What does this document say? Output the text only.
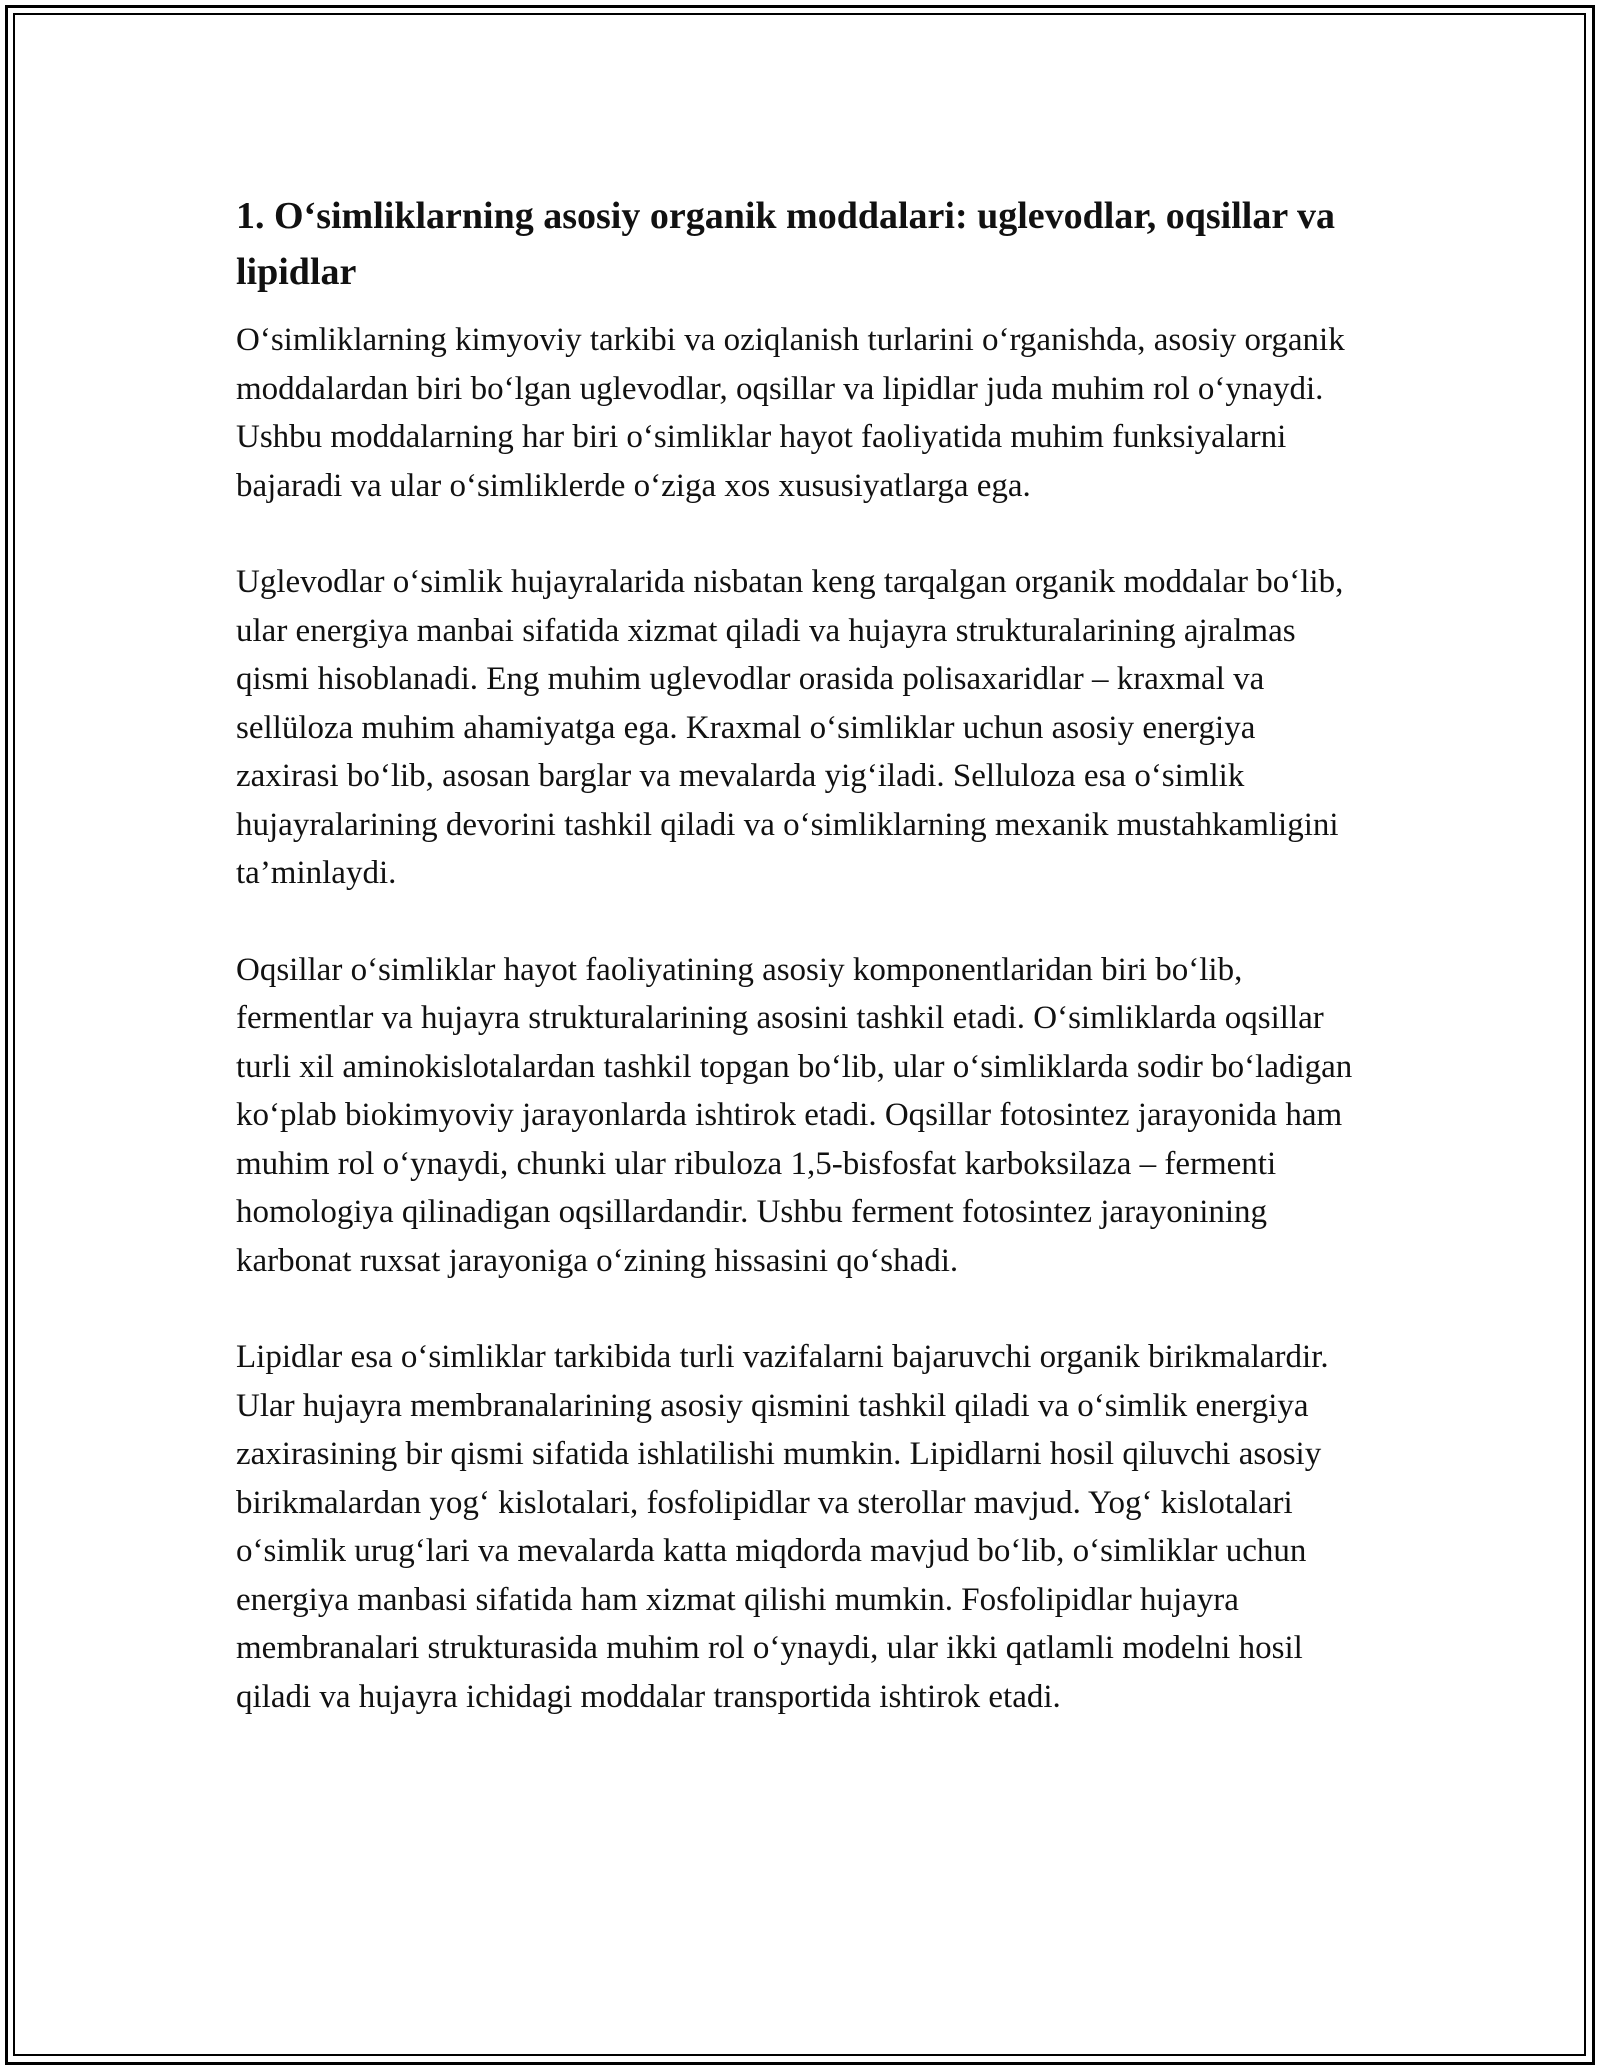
1. O‘simliklarning asosiy organik moddalari: uglevodlar, oqsillar va lipidlar

O‘simliklarning kimyoviy tarkibi va oziqlanish turlarini o‘rganishda, asosiy organik moddalardan biri bo‘lgan uglevodlar, oqsillar va lipidlar juda muhim rol o‘ynaydi. Ushbu moddalarning har biri o‘simliklar hayot faoliyatida muhim funksiyalarni bajaradi va ular o‘simliklerde o‘ziga xos xususiyatlarga ega.

Uglevodlar o‘simlik hujayralarida nisbatan keng tarqalgan organik moddalar bo‘lib, ular energiya manbai sifatida xizmat qiladi va hujayra strukturalarining ajralmas qismi hisoblanadi. Eng muhim uglevodlar orasida polisaxaridlar – kraxmal va sellüloza muhim ahamiyatga ega. Kraxmal o‘simliklar uchun asosiy energiya zaxirasi bo‘lib, asosan barglar va mevalarda yig‘iladi. Selluloza esa o‘simlik hujayralarining devorini tashkil qiladi va o‘simliklarning mexanik mustahkamligini ta’minlaydi.

Oqsillar o‘simliklar hayot faoliyatining asosiy komponentlaridan biri bo‘lib, fermentlar va hujayra strukturalarining asosini tashkil etadi. O‘simliklarda oqsillar turli xil aminokislotalardan tashkil topgan bo‘lib, ular o‘simliklarda sodir bo‘ladigan ko‘plab biokimyoviy jarayonlarda ishtirok etadi. Oqsillar fotosintez jarayonida ham muhim rol o‘ynaydi, chunki ular ribuloza 1,5-bisfosfat karboksilaza – fermenti homologiya qilinadigan oqsillardandir. Ushbu ferment fotosintez jarayonining karbonat ruxsat jarayoniga o‘zining hissasini qo‘shadi.

Lipidlar esa o‘simliklar tarkibida turli vazifalarni bajaruvchi organik birikmalardir. Ular hujayra membranalarining asosiy qismini tashkil qiladi va o‘simlik energiya zaxirasining bir qismi sifatida ishlatilishi mumkin. Lipidlarni hosil qiluvchi asosiy birikmalardan yog‘ kislotalari, fosfolipidlar va sterollar mavjud. Yog‘ kislotalari o‘simlik urug‘lari va mevalarda katta miqdorda mavjud bo‘lib, o‘simliklar uchun energiya manbasi sifatida ham xizmat qilishi mumkin. Fosfolipidlar hujayra membranalari strukturasida muhim rol o‘ynaydi, ular ikki qatlamli modelni hosil qiladi va hujayra ichidagi moddalar transportida ishtirok etadi.
